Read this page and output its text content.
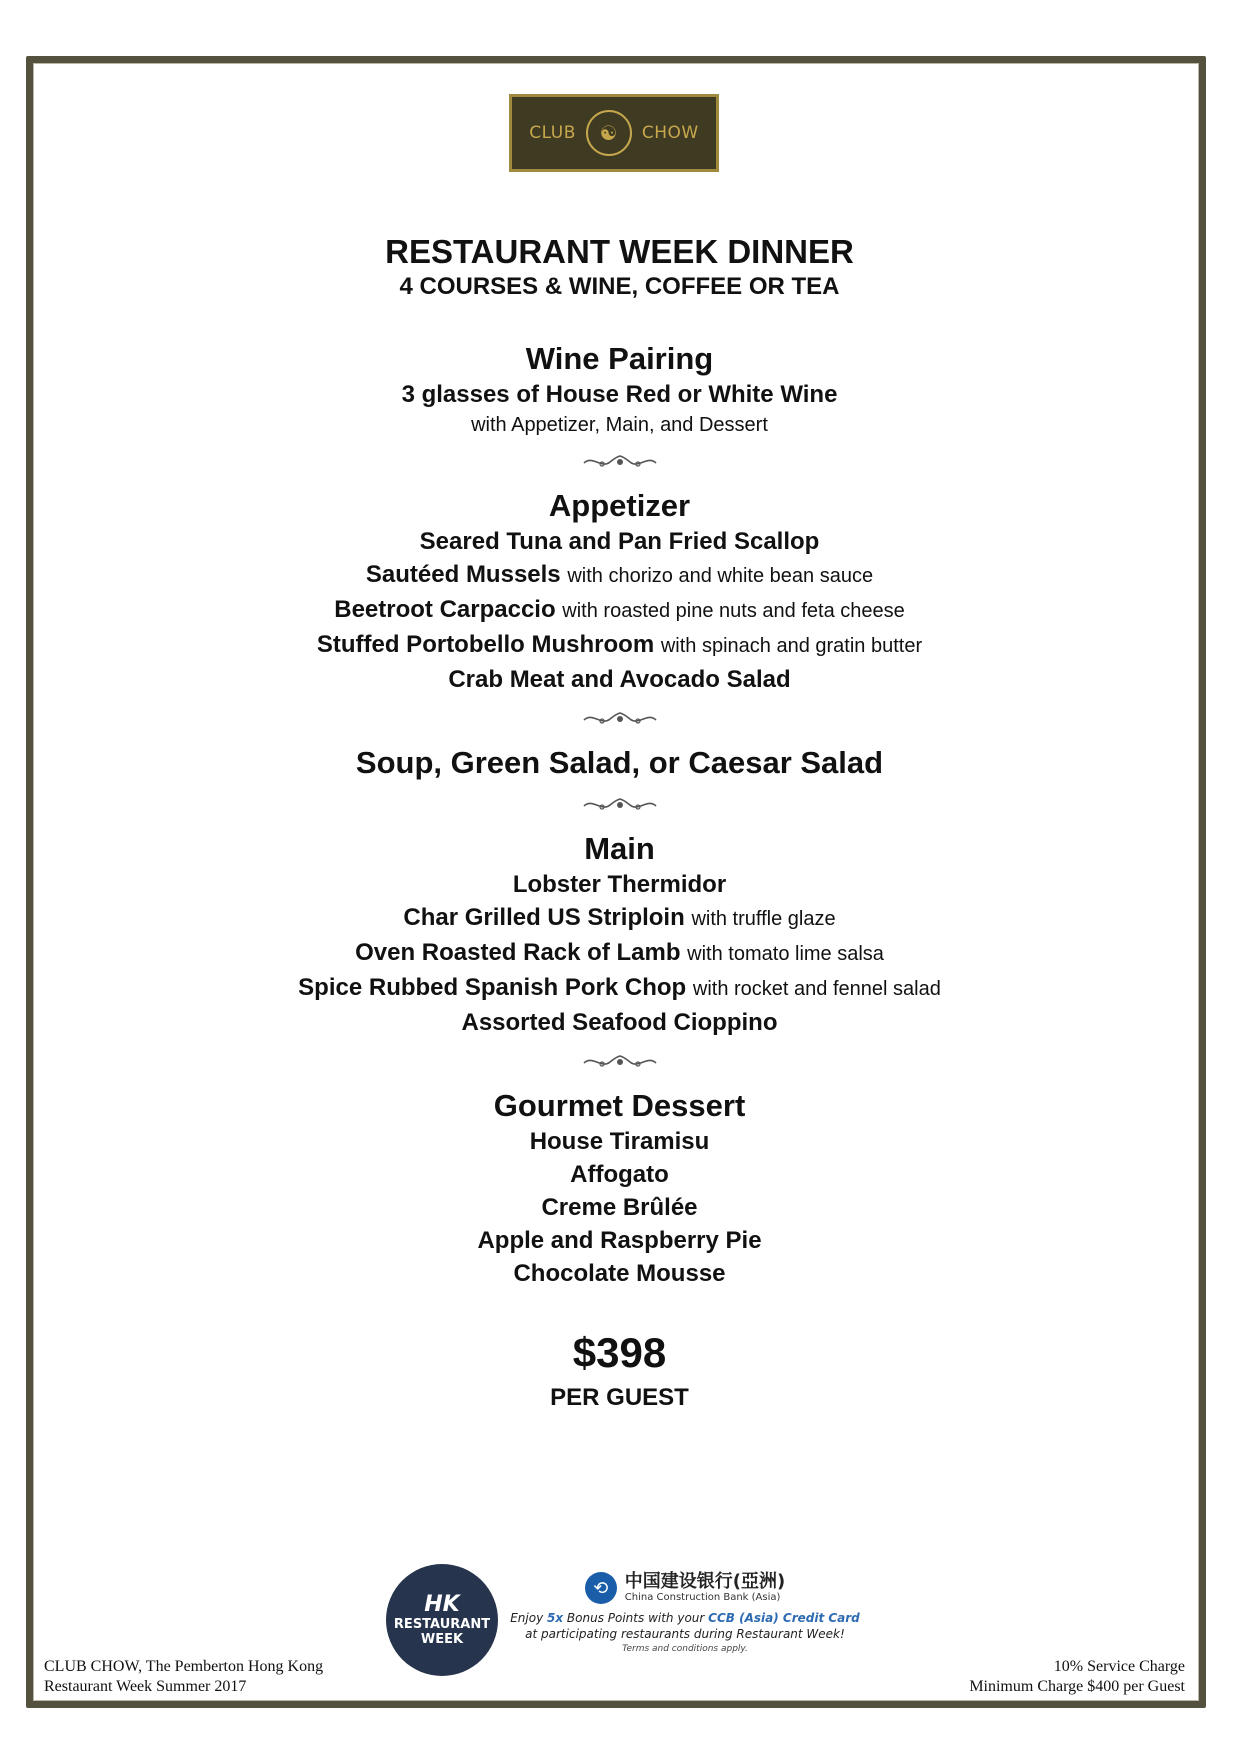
CLUB	☯	CHOW

RESTAURANT WEEK DINNER

4 COURSES & WINE, COFFEE OR TEA

Wine Pairing

3 glasses of House Red or White Wine

with Appetizer, Main, and Dessert

Appetizer

Seared Tuna and Pan Fried Scallop

Sautéed Mussels with chorizo and white bean sauce

Beetroot Carpaccio with roasted pine nuts and feta cheese

Stuffed Portobello Mushroom with spinach and gratin butter

Crab Meat and Avocado Salad

Soup, Green Salad, or Caesar Salad

Main

Lobster Thermidor

Char Grilled US Striploin with truffle glaze

Oven Roasted Rack of Lamb with tomato lime salsa

Spice Rubbed Spanish Pork Chop with rocket and fennel salad

Assorted Seafood Cioppino

Gourmet Dessert

House Tiramisu

Affogato

Creme Brûlée

Apple and Raspberry Pie

Chocolate Mousse

$398

PER GUEST

HK
RESTAURANT
WEEK
⟲ 中国建设银行(亞洲)
China Construction Bank (Asia)
Enjoy 5x Bonus Points with your CCB (Asia) Credit Card
at participating restaurants during Restaurant Week!
Terms and conditions apply.
CLUB CHOW, The Pemberton Hong Kong
Restaurant Week Summer 2017
10% Service Charge
Minimum Charge $400 per Guest
